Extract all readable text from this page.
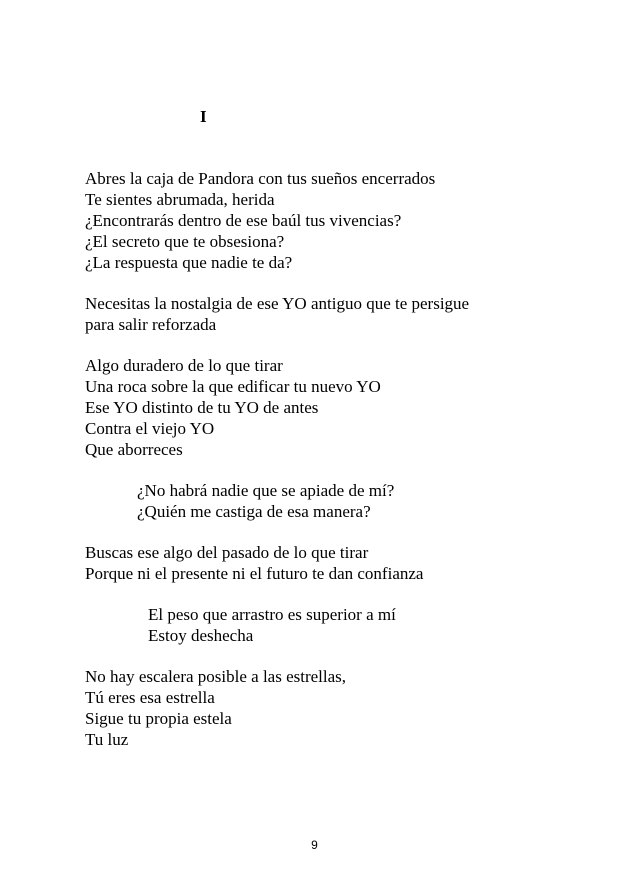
I
Abres la caja de Pandora con tus sueños encerrados
Te sientes abrumada, herida
¿Encontrarás dentro de ese baúl tus vivencias?
¿El secreto que te obsesiona?
¿La respuesta que nadie te da?
Necesitas la nostalgia de ese YO antiguo que te persigue
para salir reforzada
Algo duradero de lo que tirar
Una roca sobre la que edificar tu nuevo YO
Ese YO distinto de tu YO de antes
Contra el viejo YO
Que aborreces
¿No habrá nadie que se apiade de mí?
¿Quién me castiga de esa manera?
Buscas ese algo del pasado de lo que tirar
Porque ni el presente ni el futuro te dan confianza
El peso que arrastro es superior a mí
Estoy deshecha
No hay escalera posible a las estrellas,
Tú eres esa estrella
Sigue tu propia estela
Tu luz
9
